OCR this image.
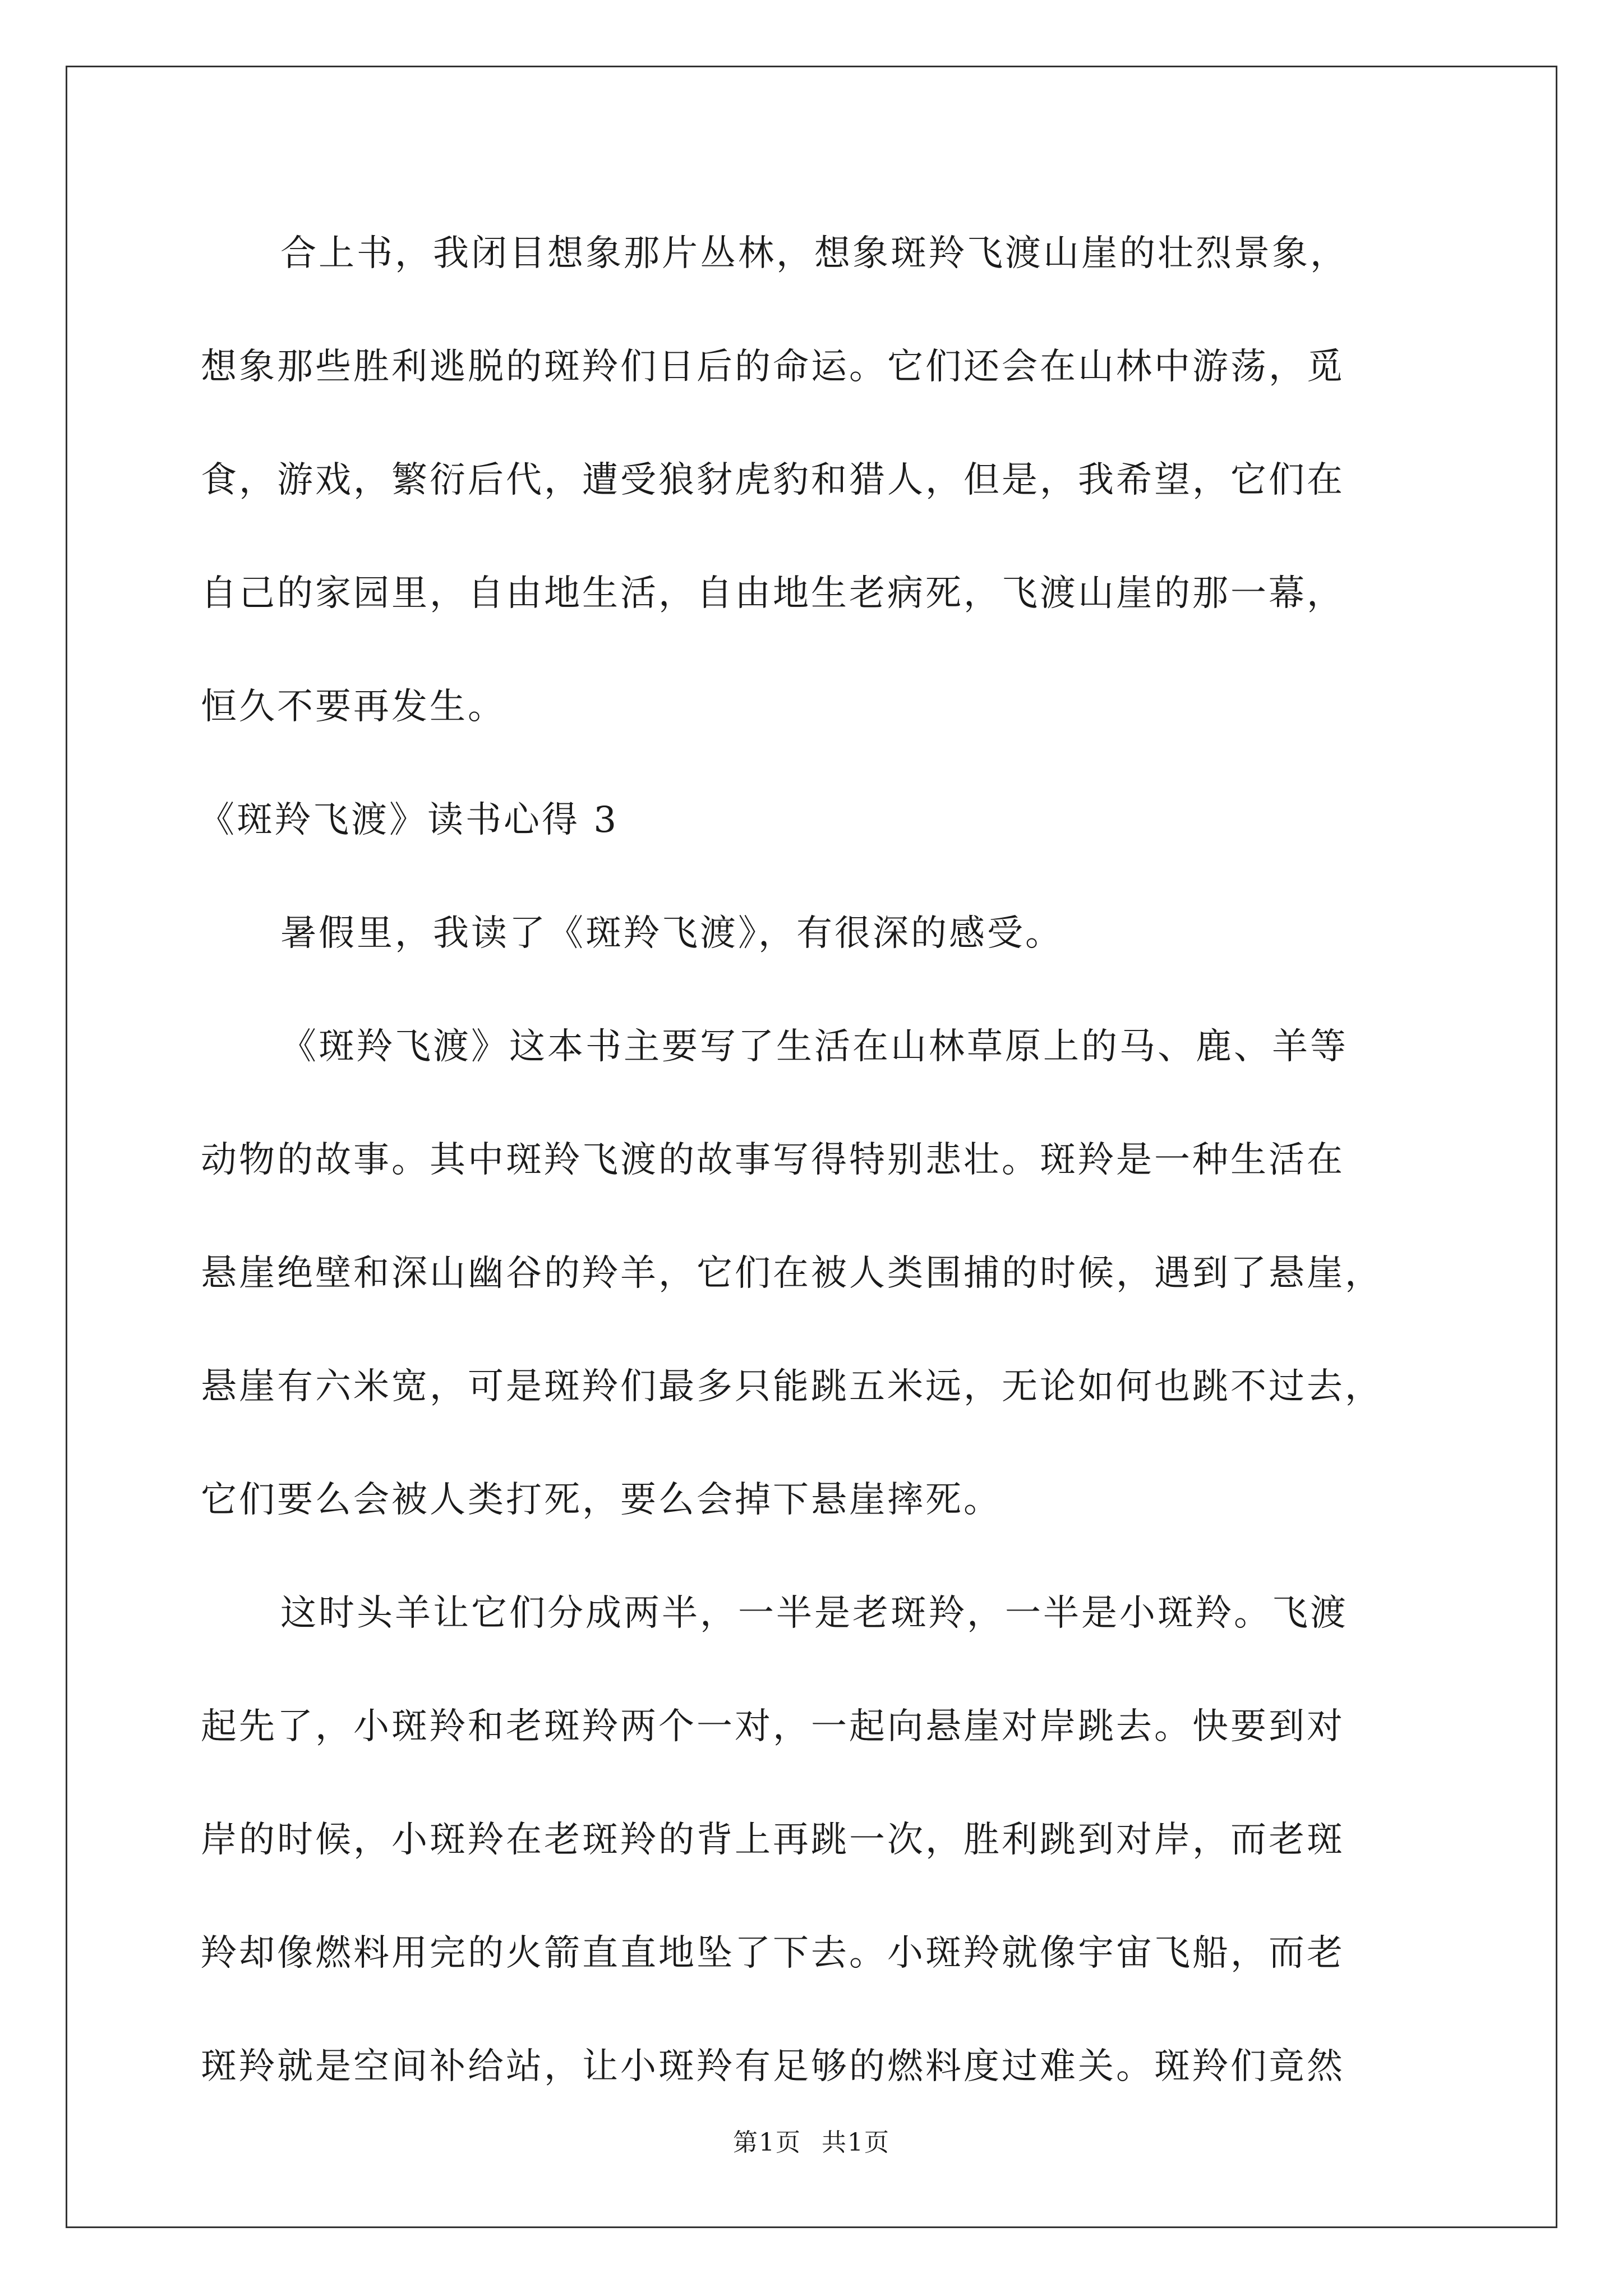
合上书，我闭目想象那片丛林，想象斑羚飞渡山崖的壮烈景象，
想象那些胜利逃脱的斑羚们日后的命运。它们还会在山林中游荡，觅
食，游戏，繁衍后代，遭受狼豺虎豹和猎人，但是，我希望，它们在
自己的家园里，自由地生活，自由地生老病死，飞渡山崖的那一幕，
恒久不要再发生。
《斑羚飞渡》读书心得 3
暑假里，我读了《斑羚飞渡》，有很深的感受。
《斑羚飞渡》这本书主要写了生活在山林草原上的马、鹿、羊等
动物的故事。其中斑羚飞渡的故事写得特别悲壮。斑羚是一种生活在
悬崖绝壁和深山幽谷的羚羊，它们在被人类围捕的时候，遇到了悬崖，
悬崖有六米宽，可是斑羚们最多只能跳五米远，无论如何也跳不过去，
它们要么会被人类打死，要么会掉下悬崖摔死。
这时头羊让它们分成两半，一半是老斑羚，一半是小斑羚。飞渡
起先了，小斑羚和老斑羚两个一对，一起向悬崖对岸跳去。快要到对
岸的时候，小斑羚在老斑羚的背上再跳一次，胜利跳到对岸，而老斑
羚却像燃料用完的火箭直直地坠了下去。小斑羚就像宇宙飞船，而老
斑羚就是空间补给站，让小斑羚有足够的燃料度过难关。斑羚们竟然
第1页 共1页
